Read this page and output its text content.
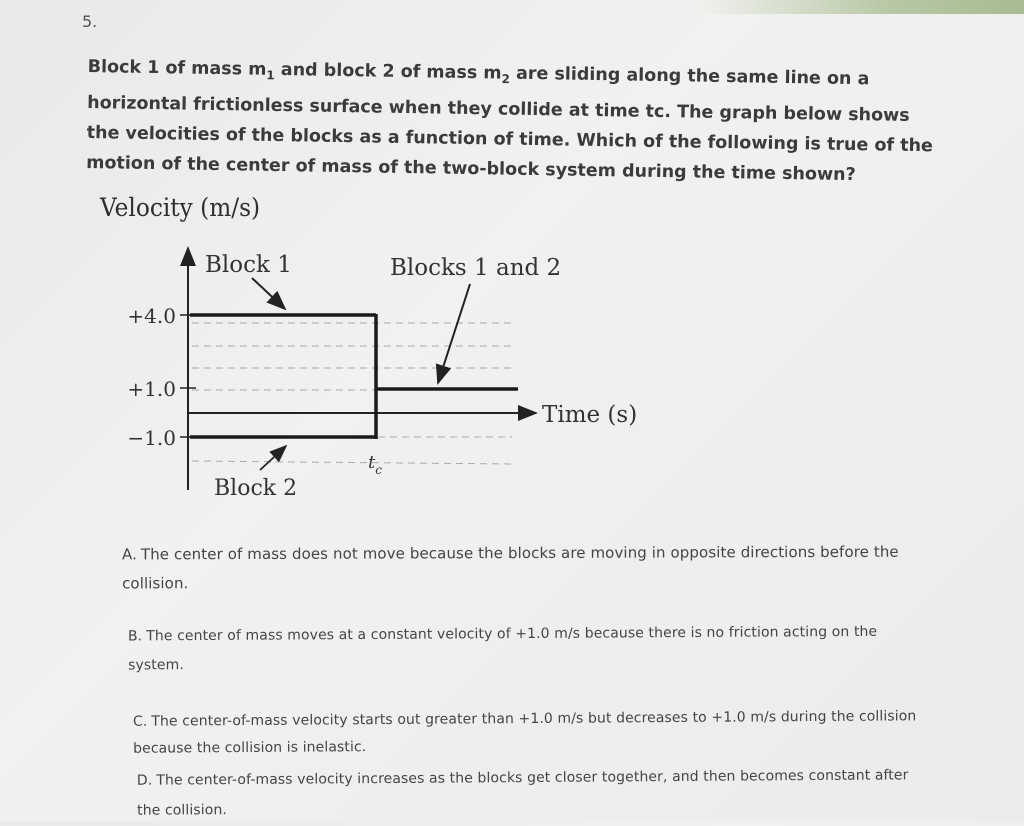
5.
Block 1 of mass $m_1$ and block 2 of mass $m_2$ are sliding along the same line on a horizontal frictionless surface when they collide at time tc. The graph below shows the velocities of the blocks as a function of time. Which of the following is true of the motion of the center of mass of the two-block system during the time shown?
Velocity (m/s)
+4.0
+1.0
−1.0
Time (s)
Block 1	Blocks 1 and 2
Block 2
$t_c$
A. The center of mass does not move because the blocks are moving in opposite directions before the collision.
B. The center of mass moves at a constant velocity of +1.0 m/s because there is no friction acting on the system.
C. The center-of-mass velocity starts out greater than +1.0 m/s but decreases to +1.0 m/s during the collision because the collision is inelastic.
D. The center-of-mass velocity increases as the blocks get closer together, and then becomes constant after the collision.
